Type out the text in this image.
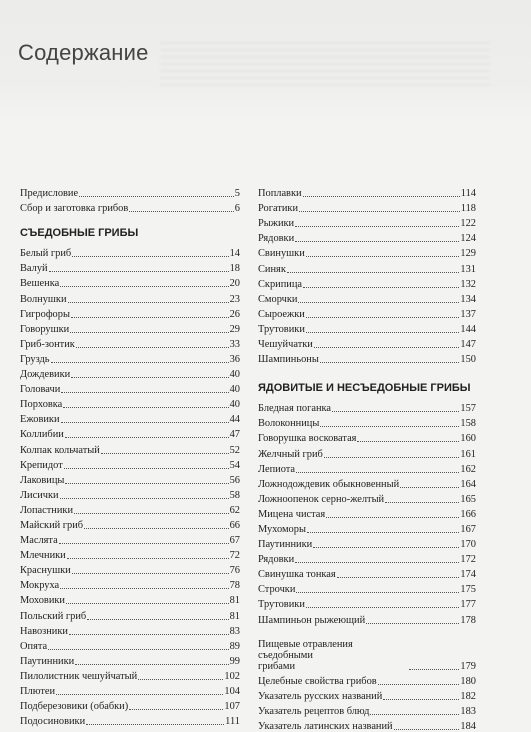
Содержание
Предисловие	5
Сбор и заготовка грибов	6
СЪЕДОБНЫЕ ГРИБЫ
Белый гриб	14
Валуй	18
Вешенка	20
Волнушки	23
Гигрофоры	26
Говорушки	29
Гриб-зонтик	33
Груздь	36
Дождевики	40
Головачи	40
Порховка	40
Ежовики	44
Коллибии	47
Колпак кольчатый	52
Крепидот	54
Лаковицы	56
Лисички	58
Лопастники	62
Майский гриб	66
Маслята	67
Млечники	72
Краснушки	76
Мокруха	78
Моховики	81
Польский гриб	81
Навозники	83
Опята	89
Паутинники	99
Пилолистник чешуйчатый	102
Плютеи	104
Подберезовики (обабки)	107
Подосиновики	111
Поплавки	114
Рогатики	118
Рыжики	122
Рядовки	124
Свинушки	129
Синяк	131
Скрипица	132
Сморчки	134
Сыроежки	137
Трутовики	144
Чешуйчатки	147
Шампиньоны	150
ЯДОВИТЫЕ И НЕСЪЕДОБНЫЕ ГРИБЫ
Бледная поганка	157
Волоконницы	158
Говорушка восковатая	160
Желчный гриб	161
Лепиота	162
Ложнодождевик обыкновенный	164
Ложноопенок серно-желтый	165
Мицена чистая	166
Мухоморы	167
Паутинники	170
Рядовки	172
Свинушка тонкая	174
Строчки	175
Трутовики	177
Шампиньон рыжеющий	178
Пищевые отравления съедобными
грибами	179
Целебные свойства грибов	180
Указатель русских названий	182
Указатель рецептов блюд	183
Указатель латинских названий	184
